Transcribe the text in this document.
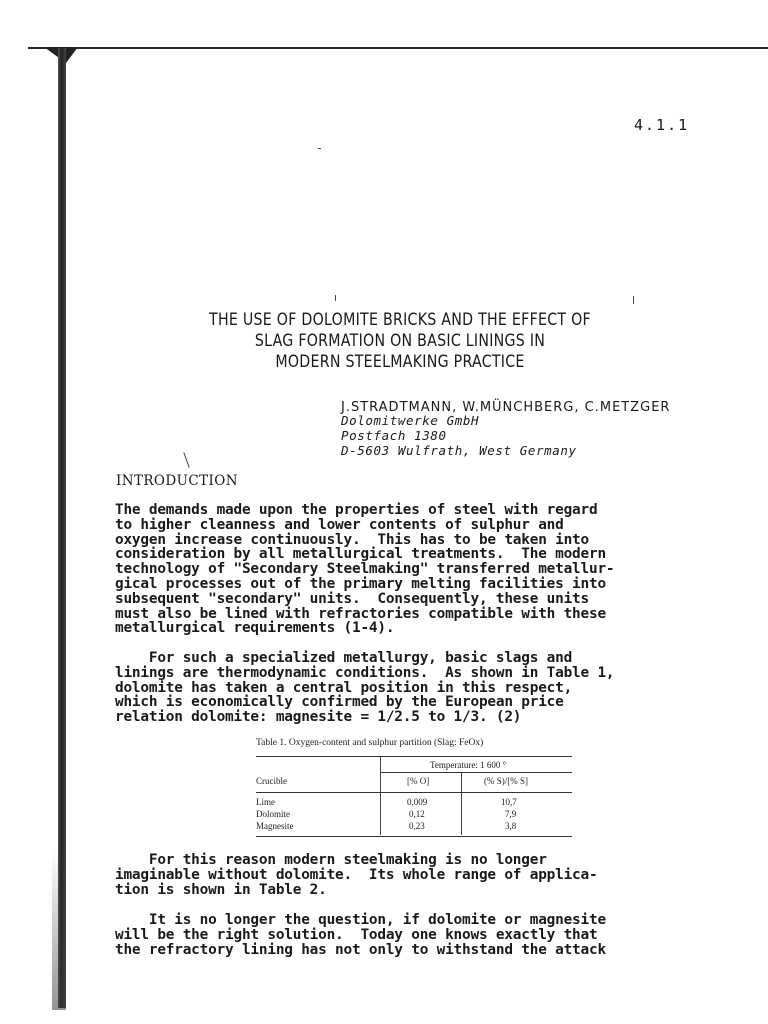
4.1.1
THE USE OF DOLOMITE BRICKS AND THE EFFECT OF
SLAG FORMATION ON BASIC LININGS IN
MODERN STEELMAKING PRACTICE
J.STRADTMANN, W.MÜNCHBERG, C.METZGER
Dolomitwerke GmbH
Postfach 1380
D-5603 Wulfrath, West Germany
INTRODUCTION
The demands made upon the properties of steel with regard
to higher cleanness and lower contents of sulphur and
oxygen increase continuously.  This has to be taken into
consideration by all metallurgical treatments.  The modern
technology of "Secondary Steelmaking" transferred metallur-
gical processes out of the primary melting facilities into
subsequent "secondary" units.  Consequently, these units
must also be lined with refractories compatible with these
metallurgical requirements (1-4).
For such a specialized metallurgy, basic slags and
linings are thermodynamic conditions.  As shown in Table 1,
dolomite has taken a central position in this respect,
which is economically confirmed by the European price
relation dolomite: magnesite = 1/2.5 to 1/3. (2)
Table 1. Oxygen-content and sulphur partition (Slag: FeOx)
Temperature: 1 600 °
Crucible	[% O]	(% S)/[% S]
Lime	0,009	10,7
Dolomite	0,12	7,9
Magnesite	0,23	3,8
For this reason modern steelmaking is no longer
imaginable without dolomite.  Its whole range of applica-
tion is shown in Table 2.
It is no longer the question, if dolomite or magnesite
will be the right solution.  Today one knows exactly that
the refractory lining has not only to withstand the attack
